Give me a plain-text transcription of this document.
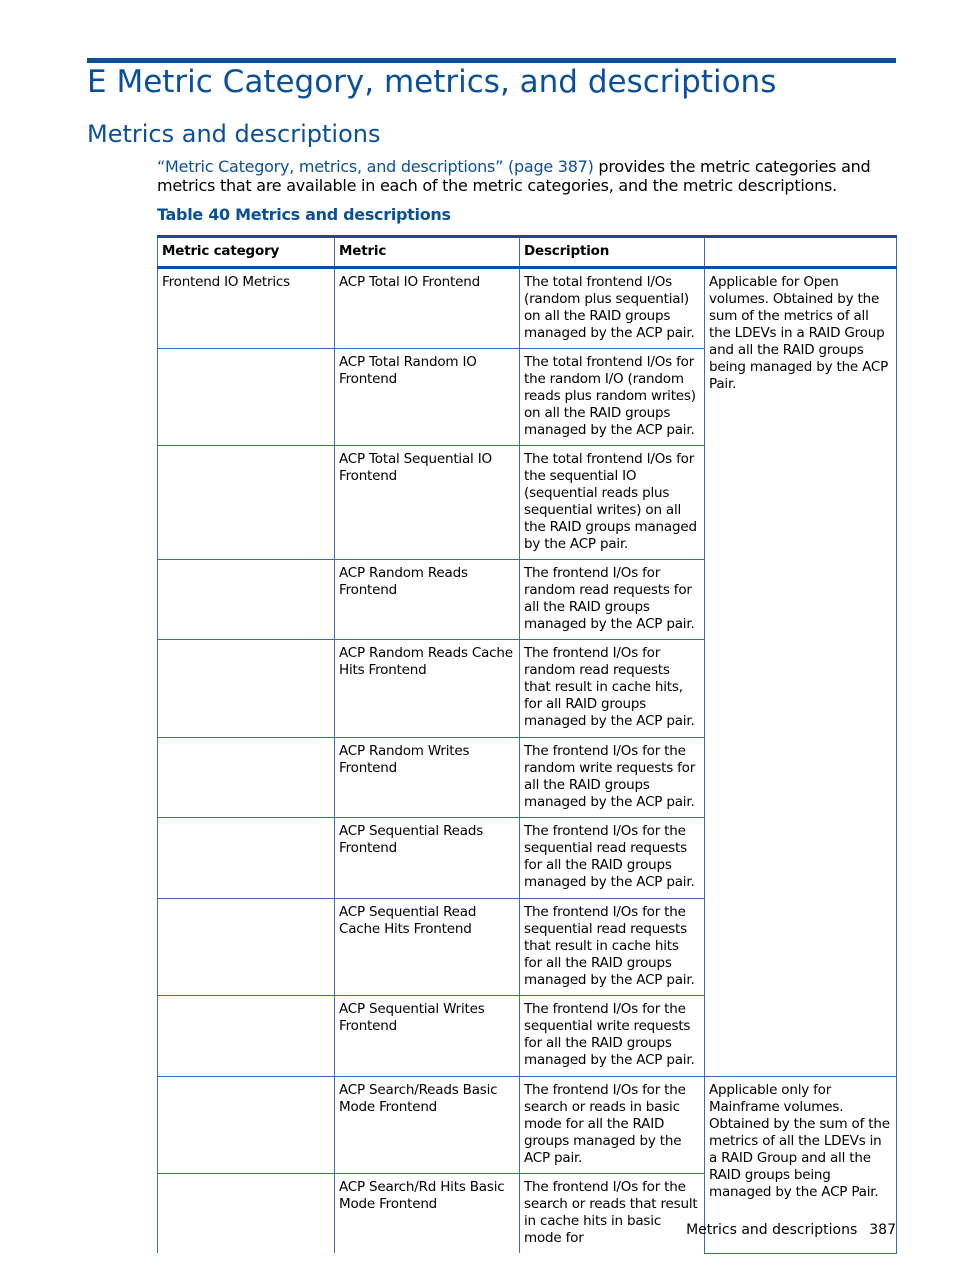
E Metric Category, metrics, and descriptions
Metrics and descriptions

“Metric Category, metrics, and descriptions” (page 387) provides the metric categories and metrics that are available in each of the metric categories, and the metric descriptions.

Table 40 Metrics and descriptions

Metric category	Metric	Description	
Frontend IO Metrics	ACP Total IO Frontend	The total frontend I/Os (random plus sequential) on all the RAID groups managed by the ACP pair.	Applicable for Open volumes. Obtained by the sum of the metrics of all the LDEVs in a RAID Group and all the RAID groups being managed by the ACP Pair.
	ACP Total Random IO Frontend	The total frontend I/Os for the random I/O (random reads plus random writes) on all the RAID groups managed by the ACP pair.	
	ACP Total Sequential IO Frontend	The total frontend I/Os for the sequential IO (sequential reads plus sequential writes) on all the RAID groups managed by the ACP pair.	
	ACP Random Reads Frontend	The frontend I/Os for random read requests for all the RAID groups managed by the ACP pair.	
	ACP Random Reads Cache Hits Frontend	The frontend I/Os for random read requests that result in cache hits, for all RAID groups managed by the ACP pair.	
	ACP Random Writes Frontend	The frontend I/Os for the random write requests for all the RAID groups managed by the ACP pair.	
	ACP Sequential Reads Frontend	The frontend I/Os for the sequential read requests for all the RAID groups managed by the ACP pair.	
	ACP Sequential Read Cache Hits Frontend	The frontend I/Os for the sequential read requests that result in cache hits for all the RAID groups managed by the ACP pair.	
	ACP Sequential Writes Frontend	The frontend I/Os for the sequential write requests for all the RAID groups managed by the ACP pair.	
	ACP Search/Reads Basic Mode Frontend	The frontend I/Os for the search or reads in basic mode for all the RAID groups managed by the ACP pair.	Applicable only for Mainframe volumes. Obtained by the sum of the metrics of all the LDEVs in a RAID Group and all the RAID groups being managed by the ACP Pair.
	ACP Search/Rd Hits Basic Mode Frontend	The frontend I/Os for the search or reads that result in cache hits in basic mode for		Metrics and descriptions 387
